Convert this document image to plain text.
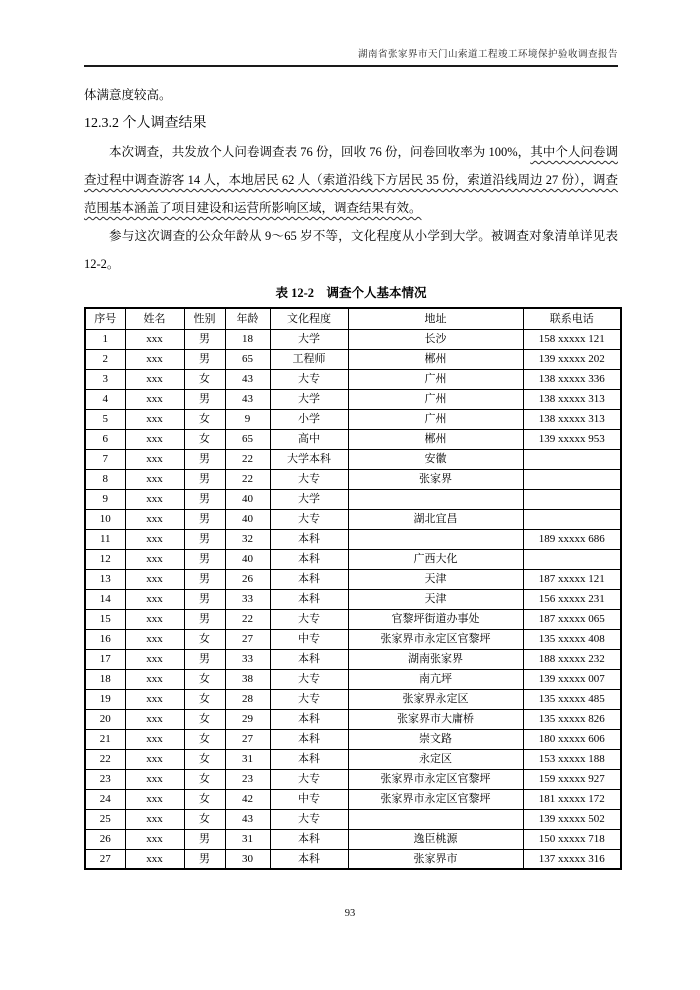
湖南省张家界市天门山索道工程竣工环境保护验收调查报告

体满意度较高。

12.3.2 个人调查结果

本次调查，共发放个人问卷调查表 76 份，回收 76 份，问卷回收率为 100%，其中个人问卷调查过程中调查游客 14 人，本地居民 62 人（索道沿线下方居民 35 份，索道沿线周边 27 份），调查范围基本涵盖了项目建设和运营所影响区域，调查结果有效。

参与这次调查的公众年龄从 9～65 岁不等，文化程度从小学到大学。被调查对象清单详见表 12-2。

表 12-2　调查个人基本情况
序号	姓名	性别	年龄	文化程度	地址	联系电话
1	xxx	男	18	大学	长沙	158 xxxxx 121
2	xxx	男	65	工程师	郴州	139 xxxxx 202
3	xxx	女	43	大专	广州	138 xxxxx 336
4	xxx	男	43	大学	广州	138 xxxxx 313
5	xxx	女	9	小学	广州	138 xxxxx 313
6	xxx	女	65	高中	郴州	139 xxxxx 953
7	xxx	男	22	大学本科	安徽	
8	xxx	男	22	大专	张家界	
9	xxx	男	40	大学		
10	xxx	男	40	大专	湖北宜昌	
11	xxx	男	32	本科		189 xxxxx 686
12	xxx	男	40	本科	广西大化	
13	xxx	男	26	本科	天津	187 xxxxx 121
14	xxx	男	33	本科	天津	156 xxxxx 231
15	xxx	男	22	大专	官黎坪街道办事处	187 xxxxx 065
16	xxx	女	27	中专	张家界市永定区官黎坪	135 xxxxx 408
17	xxx	男	33	本科	湖南张家界	188 xxxxx 232
18	xxx	女	38	大专	南亢坪	139 xxxxx 007
19	xxx	女	28	大专	张家界永定区	135 xxxxx 485
20	xxx	女	29	本科	张家界市大庸桥	135 xxxxx 826
21	xxx	女	27	本科	崇文路	180 xxxxx 606
22	xxx	女	31	本科	永定区	153 xxxxx 188
23	xxx	女	23	大专	张家界市永定区官黎坪	159 xxxxx 927
24	xxx	女	42	中专	张家界市永定区官黎坪	181 xxxxx 172
25	xxx	女	43	大专		139 xxxxx 502
26	xxx	男	31	本科	逸臣桃源	150 xxxxx 718
27	xxx	男	30	本科	张家界市	137 xxxxx 316
93
